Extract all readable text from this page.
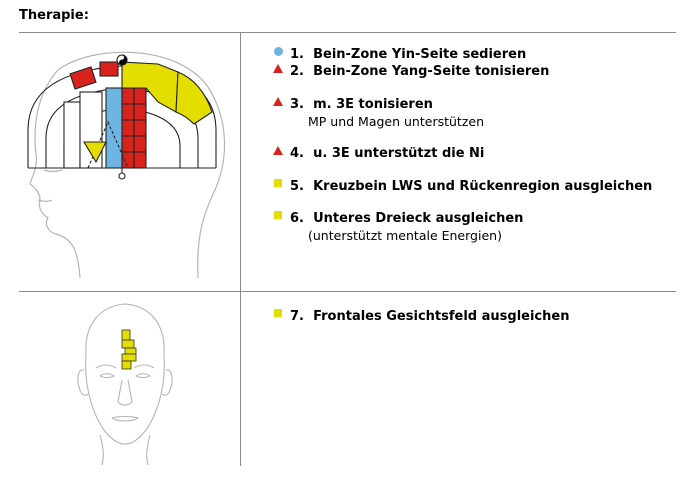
Therapie:
1. Bein-Zone Yin-Seite sedieren
2. Bein-Zone Yang-Seite tonisieren
3. m. 3E tonisieren
MP und Magen unterstützen
4. u. 3E unterstützt die Ni
5. Kreuzbein LWS und Rückenregion ausgleichen
6. Unteres Dreieck ausgleichen
(unterstützt mentale Energien)
7. Frontales Gesichtsfeld ausgleichen
